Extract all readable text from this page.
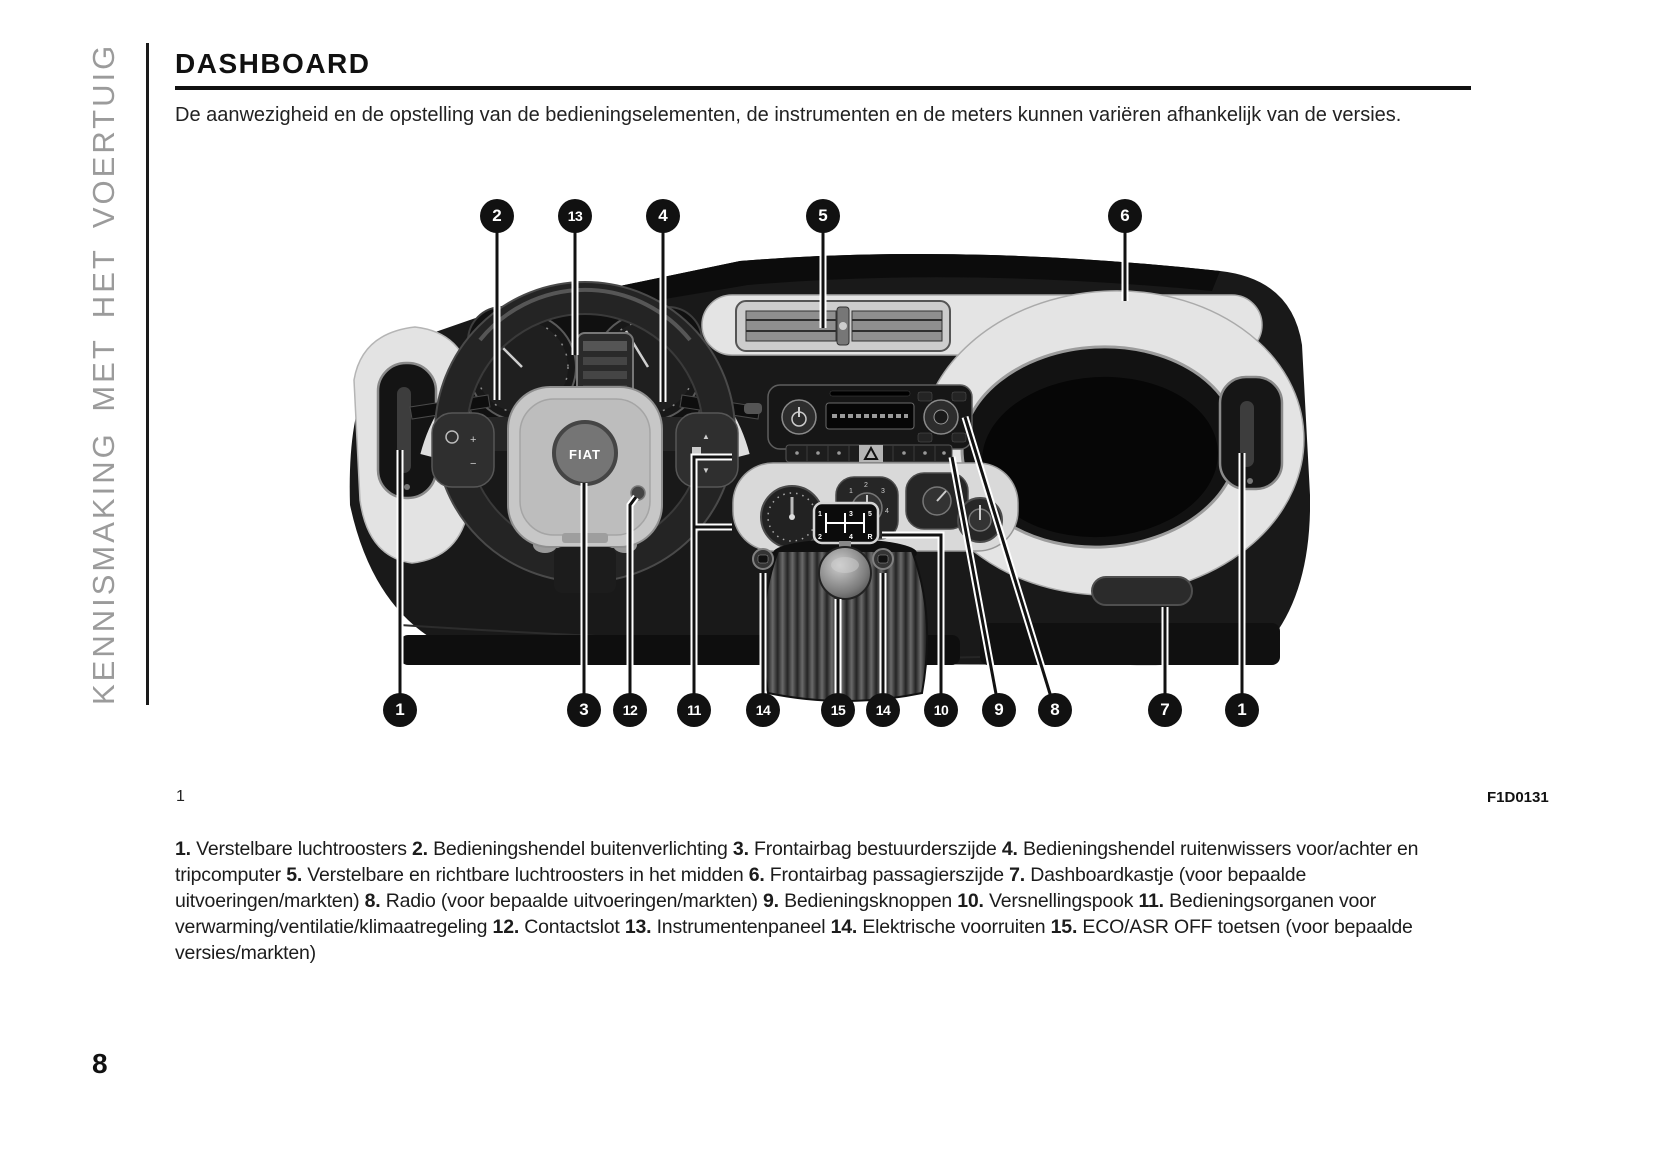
KENNISMAKING MET HET VOERTUIG DASHBOARD

De aanwezigheid en de opstelling van de bedieningselementen, de instrumenten en de meters kunnen variëren afhankelijk van de versies.

1
2
3
4
+
−
▲
▼
FIAT
1	3 5
2	4 R
2	13	4	5	6
1	3	12	11	14	15	14	10	9	8	7	1
1	F1D0131

1. Verstelbare luchtroosters 2. Bedieningshendel buitenverlichting 3. Frontairbag bestuurderszijde 4. Bedieningshendel ruitenwissers voor/achter en tripcomputer 5. Verstelbare en richtbare luchtroosters in het midden 6. Frontairbag passagierszijde 7. Dashboardkastje (voor bepaalde uitvoeringen/markten) 8. Radio (voor bepaalde uitvoeringen/markten) 9. Bedieningsknoppen 10. Versnellingspook 11. Bedieningsorganen voor verwarming/ventilatie/klimaatregeling 12. Contactslot 13. Instrumentenpaneel 14. Elektrische voorruiten 15. ECO/ASR OFF toetsen (voor bepaalde versies/markten)

8
